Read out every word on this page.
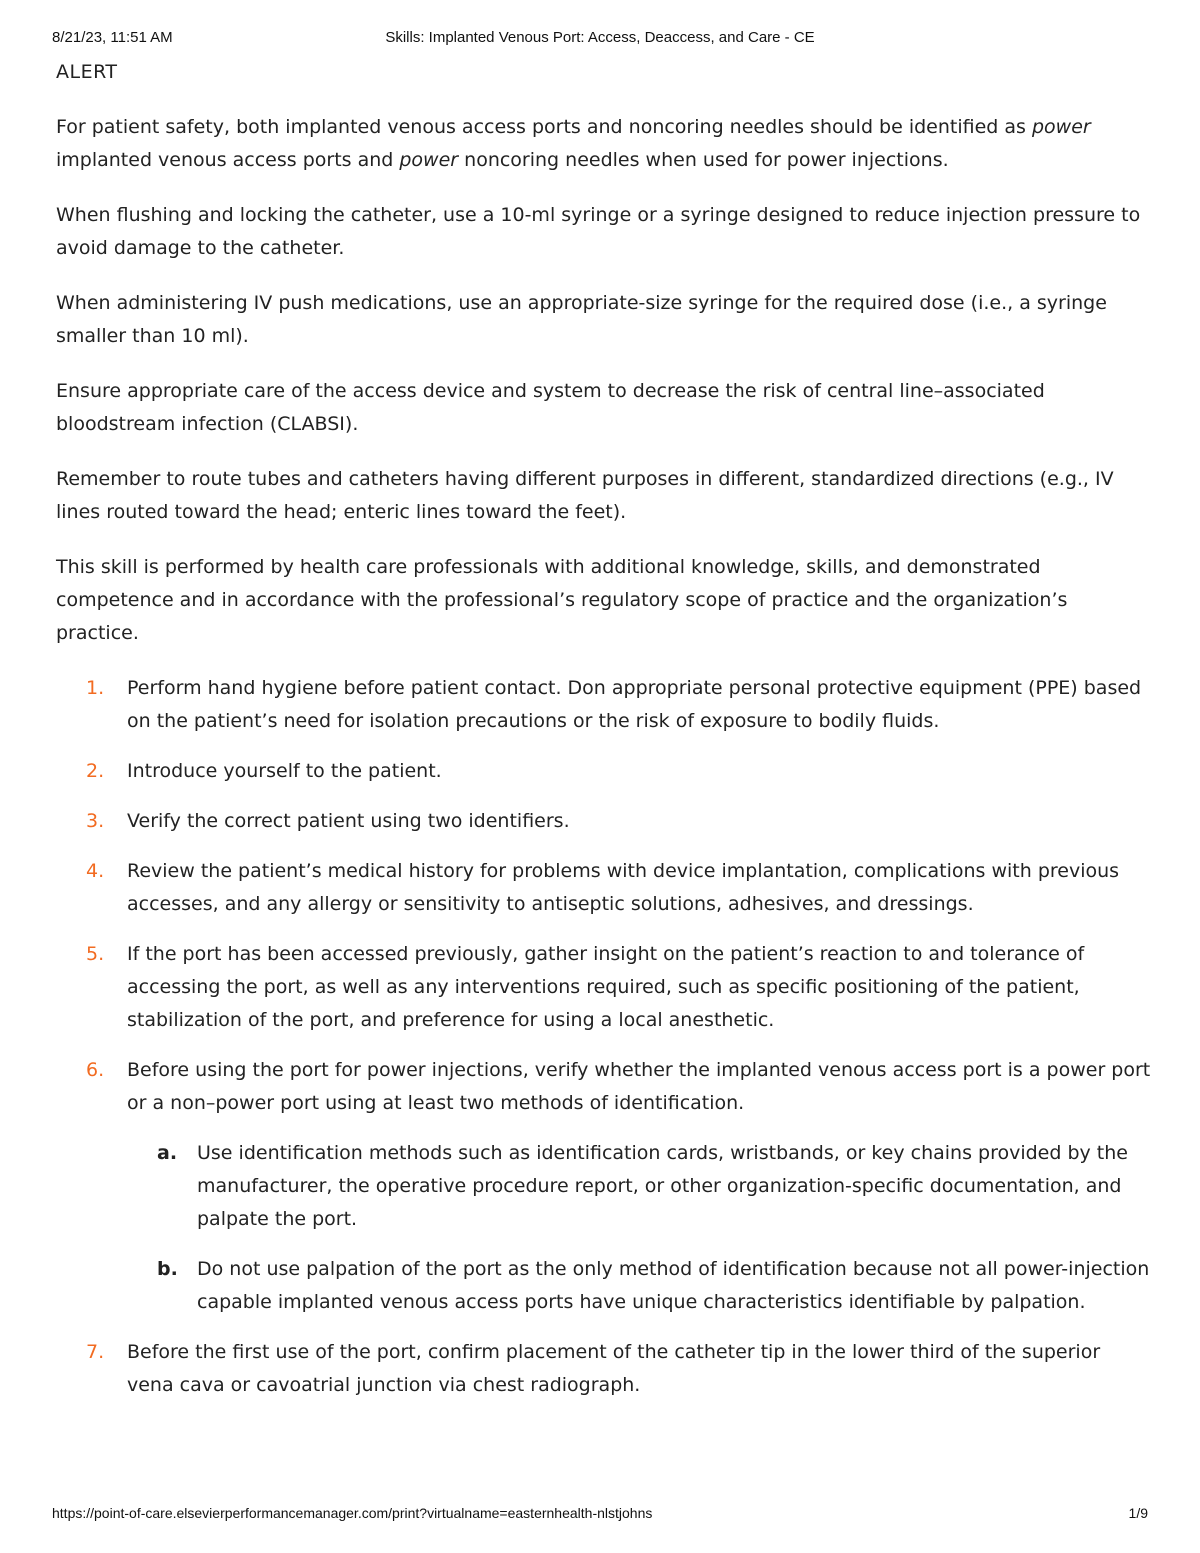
8/21/23, 11:51 AM	Skills: Implanted Venous Port: Access, Deaccess, and Care - CE
ALERT

For patient safety, both implanted venous access ports and noncoring needles should be identified as power implanted venous access ports and power noncoring needles when used for power injections.

When flushing and locking the catheter, use a 10-ml syringe or a syringe designed to reduce injection pressure to avoid damage to the catheter.

When administering IV push medications, use an appropriate-size syringe for the required dose (i.e., a syringe smaller than 10 ml).

Ensure appropriate care of the access device and system to decrease the risk of central line–associated bloodstream infection (CLABSI).

Remember to route tubes and catheters having different purposes in different, standardized directions (e.g., IV lines routed toward the head; enteric lines toward the feet).

This skill is performed by health care professionals with additional knowledge, skills, and demonstrated competence and in accordance with the professional’s regulatory scope of practice and the organization’s practice.

1. Perform hand hygiene before patient contact. Don appropriate personal protective equipment (PPE) based on the patient’s need for isolation precautions or the risk of exposure to bodily fluids.
2. Introduce yourself to the patient.
3. Verify the correct patient using two identifiers.
4. Review the patient’s medical history for problems with device implantation, complications with previous accesses, and any allergy or sensitivity to antiseptic solutions, adhesives, and dressings.
5. If the port has been accessed previously, gather insight on the patient’s reaction to and tolerance of accessing the port, as well as any interventions required, such as specific positioning of the patient, stabilization of the port, and preference for using a local anesthetic.
6. Before using the port for power injections, verify whether the implanted venous access port is a power port or a non–power port using at least two methods of identification.
a. Use identification methods such as identification cards, wristbands, or key chains provided by the manufacturer, the operative procedure report, or other organization-specific documentation, and palpate the port.
b. Do not use palpation of the port as the only method of identification because not all power-injection capable implanted venous access ports have unique characteristics identifiable by palpation.
7. Before the first use of the port, confirm placement of the catheter tip in the lower third of the superior vena cava or cavoatrial junction via chest radiograph.
https://point-of-care.elsevierperformancemanager.com/print?virtualname=easternhealth-nlstjohns	1/9
